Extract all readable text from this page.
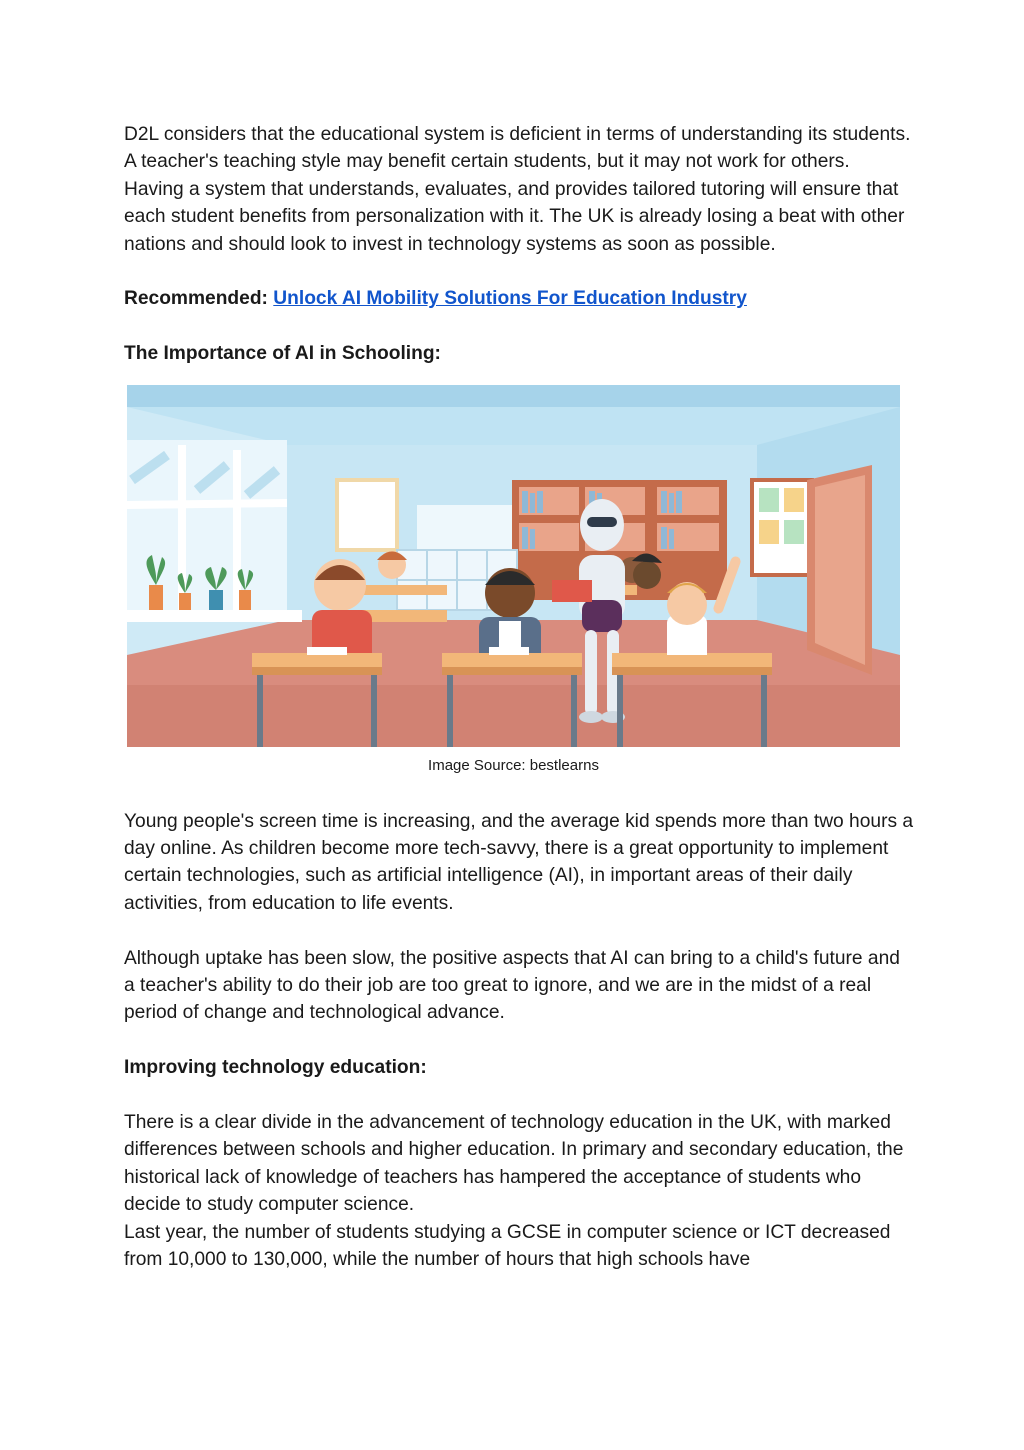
D2L considers that the educational system is deficient in terms of understanding its students. A teacher's teaching style may benefit certain students, but it may not work for others. Having a system that understands, evaluates, and provides tailored tutoring will ensure that each student benefits from personalization with it. The UK is already losing a beat with other nations and should look to invest in technology systems as soon as possible.

Recommended: Unlock AI Mobility Solutions For Education Industry

The Importance of AI in Schooling:

Image Source: bestlearns

Young people's screen time is increasing, and the average kid spends more than two hours a day online. As children become more tech-savvy, there is a great opportunity to implement certain technologies, such as artificial intelligence (AI), in important areas of their daily activities, from education to life events.

Although uptake has been slow, the positive aspects that AI can bring to a child's future and a teacher's ability to do their job are too great to ignore, and we are in the midst of a real period of change and technological advance.

Improving technology education:

There is a clear divide in the advancement of technology education in the UK, with marked differences between schools and higher education. In primary and secondary education, the historical lack of knowledge of teachers has hampered the acceptance of students who decide to study computer science.

Last year, the number of students studying a GCSE in computer science or ICT decreased from 10,000 to 130,000, while the number of hours that high schools have
